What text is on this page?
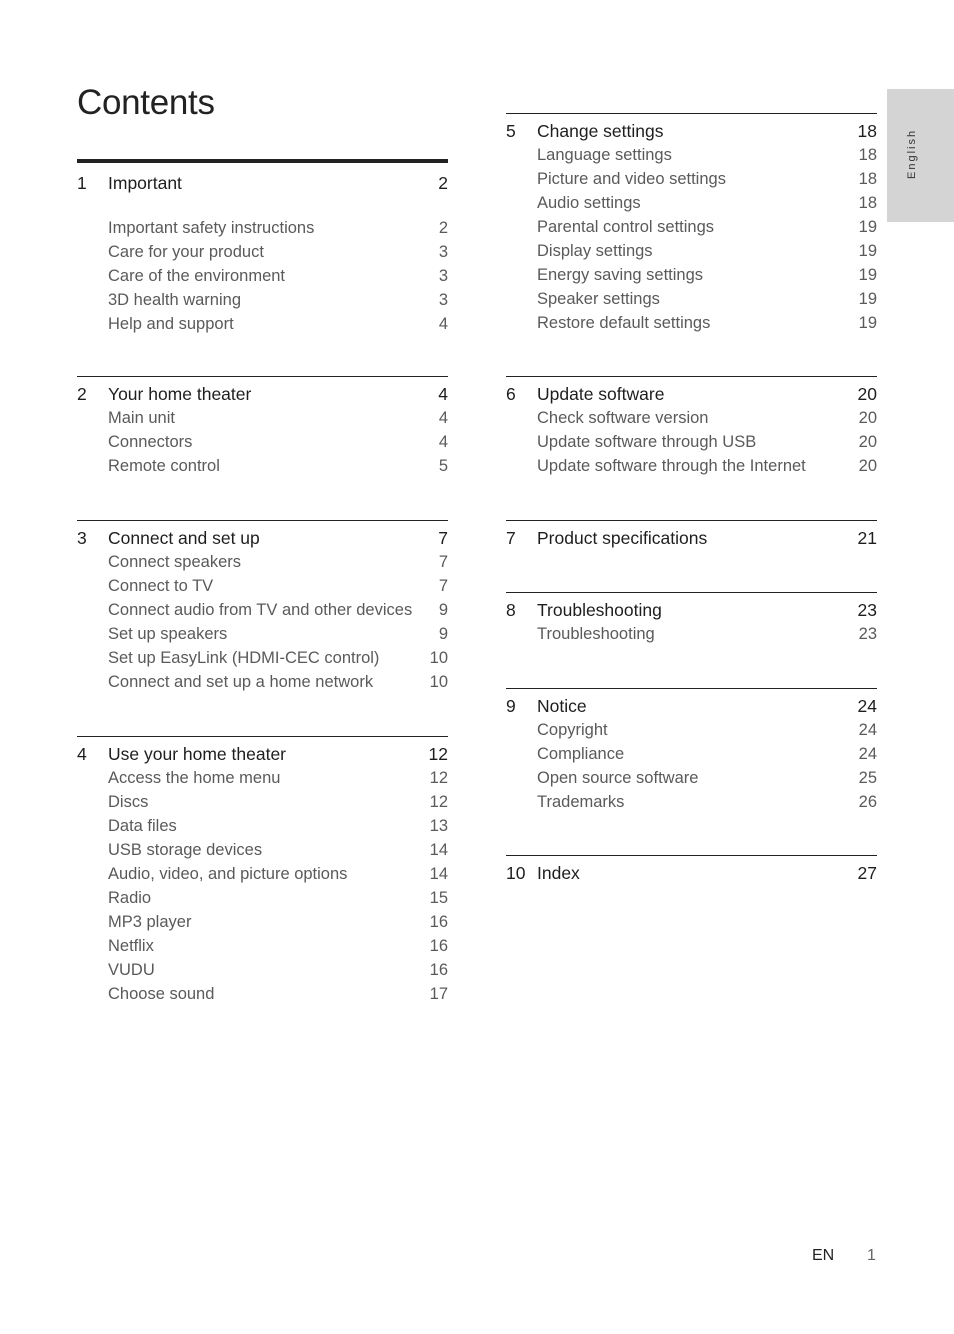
Contents
English
1	Important	2
Important safety instructions	2
Care for your product	3
Care of the environment	3
3D health warning	3
Help and support	4
2	Your home theater	4
Main unit	4
Connectors	4
Remote control	5
3	Connect and set up	7
Connect speakers	7
Connect to TV	7
Connect audio from TV and other devices 9
Set up speakers	9
Set up EasyLink (HDMI-CEC control)	10
Connect and set up a home network	10
4	Use your home theater	12
Access the home menu	12
Discs	12
Data files	13
USB storage devices	14
Audio, video, and picture options	14
Radio	15
MP3 player	16
Netflix	16
VUDU	16
Choose sound	17
5	Change settings	18
Language settings	18
Picture and video settings	18
Audio settings	18
Parental control settings	19
Display settings	19
Energy saving settings	19
Speaker settings	19
Restore default settings	19
6	Update software	20
Check software version	20
Update software through USB	20
Update software through the Internet	20
7	Product specifications	21
8	Troubleshooting	23
Troubleshooting	23
9	Notice	24
Copyright	24
Compliance	24
Open source software	25
Trademarks	26
10 Index	27
EN 1
